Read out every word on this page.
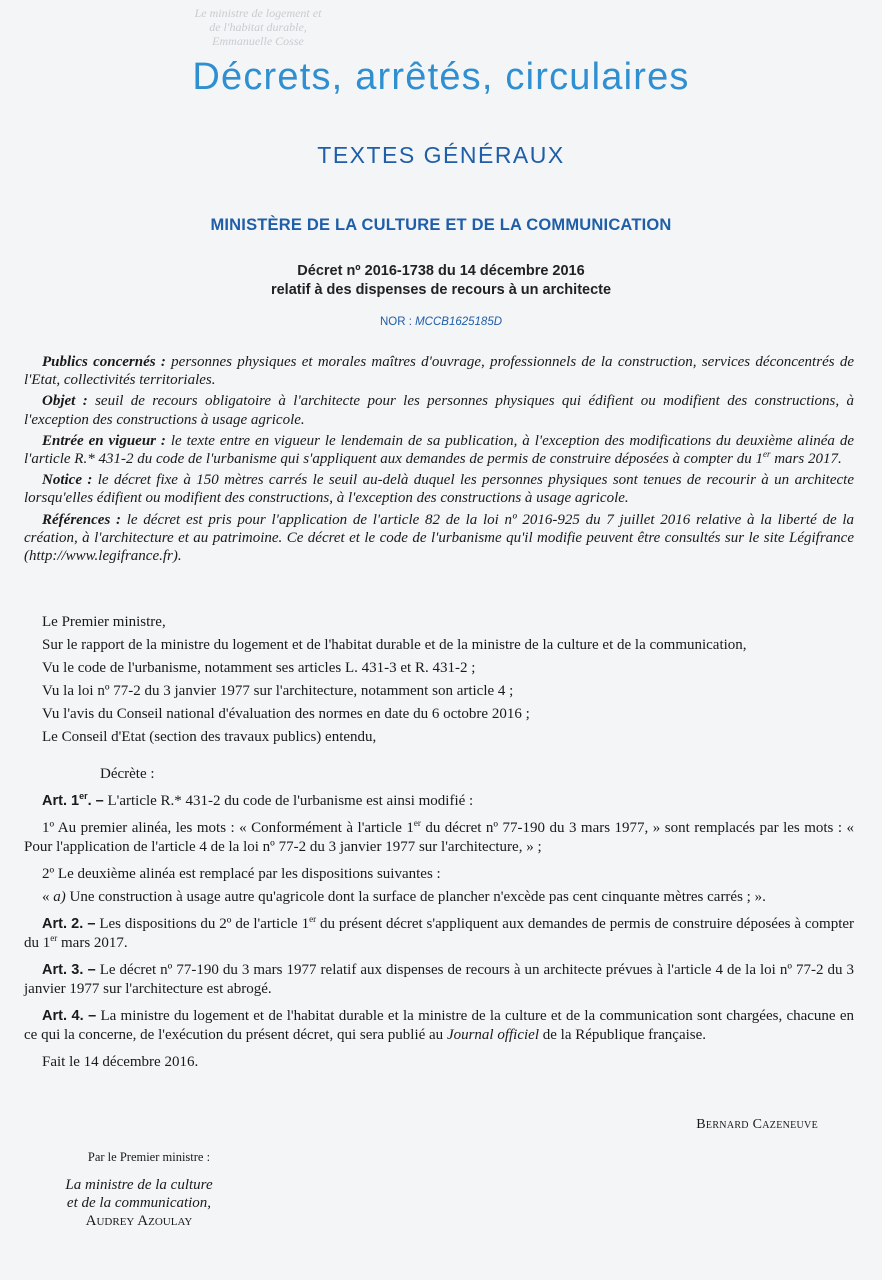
Le ministre de logement et de l'habitat durable, Emmanuelle Cosse
Décrets, arrêtés, circulaires
TEXTES GÉNÉRAUX
MINISTÈRE DE LA CULTURE ET DE LA COMMUNICATION
Décret nº 2016-1738 du 14 décembre 2016
relatif à des dispenses de recours à un architecte
NOR : MCCB1625185D

Publics concernés : personnes physiques et morales maîtres d'ouvrage, professionnels de la construction, services déconcentrés de l'Etat, collectivités territoriales.

Objet : seuil de recours obligatoire à l'architecte pour les personnes physiques qui édifient ou modifient des constructions, à l'exception des constructions à usage agricole.

Entrée en vigueur : le texte entre en vigueur le lendemain de sa publication, à l'exception des modifications du deuxième alinéa de l'article R.* 431-2 du code de l'urbanisme qui s'appliquent aux demandes de permis de construire déposées à compter du 1er mars 2017.

Notice : le décret fixe à 150 mètres carrés le seuil au-delà duquel les personnes physiques sont tenues de recourir à un architecte lorsqu'elles édifient ou modifient des constructions, à l'exception des constructions à usage agricole.

Références : le décret est pris pour l'application de l'article 82 de la loi nº 2016-925 du 7 juillet 2016 relative à la liberté de la création, à l'architecture et au patrimoine. Ce décret et le code de l'urbanisme qu'il modifie peuvent être consultés sur le site Légifrance (http://www.legifrance.fr).

Le Premier ministre,

Sur le rapport de la ministre du logement et de l'habitat durable et de la ministre de la culture et de la communication,

Vu le code de l'urbanisme, notamment ses articles L. 431-3 et R. 431-2 ;

Vu la loi nº 77-2 du 3 janvier 1977 sur l'architecture, notamment son article 4 ;

Vu l'avis du Conseil national d'évaluation des normes en date du 6 octobre 2016 ;

Le Conseil d'Etat (section des travaux publics) entendu,

Décrète :

Art. 1er. – L'article R.* 431-2 du code de l'urbanisme est ainsi modifié :

1º Au premier alinéa, les mots : « Conformément à l'article 1er du décret nº 77-190 du 3 mars 1977, » sont remplacés par les mots : « Pour l'application de l'article 4 de la loi nº 77-2 du 3 janvier 1977 sur l'architecture, » ;

2º Le deuxième alinéa est remplacé par les dispositions suivantes :

« a) Une construction à usage autre qu'agricole dont la surface de plancher n'excède pas cent cinquante mètres carrés ; ».

Art. 2. – Les dispositions du 2º de l'article 1er du présent décret s'appliquent aux demandes de permis de construire déposées à compter du 1er mars 2017.

Art. 3. – Le décret nº 77-190 du 3 mars 1977 relatif aux dispenses de recours à un architecte prévues à l'article 4 de la loi nº 77-2 du 3 janvier 1977 sur l'architecture est abrogé.

Art. 4. – La ministre du logement et de l'habitat durable et la ministre de la culture et de la communication sont chargées, chacune en ce qui la concerne, de l'exécution du présent décret, qui sera publié au Journal officiel de la République française.

Fait le 14 décembre 2016.

Bernard Cazeneuve
Par le Premier ministre :
La ministre de la culture
et de la communication,
Audrey Azoulay
